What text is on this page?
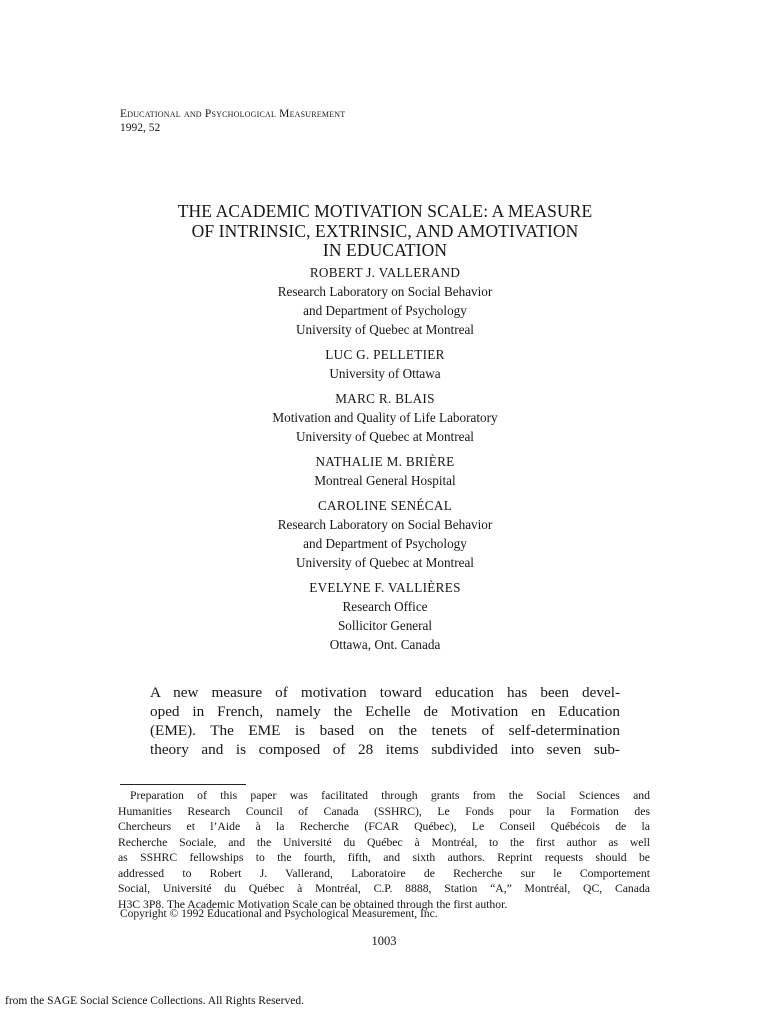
Educational and Psychological Measurement
1992, 52
THE ACADEMIC MOTIVATION SCALE: A MEASURE
OF INTRINSIC, EXTRINSIC, AND AMOTIVATION
IN EDUCATION
ROBERT J. VALLERAND
Research Laboratory on Social Behavior
and Department of Psychology
University of Quebec at Montreal
LUC G. PELLETIER
University of Ottawa
MARC R. BLAIS
Motivation and Quality of Life Laboratory
University of Quebec at Montreal
NATHALIE M. BRIÈRE
Montreal General Hospital
CAROLINE SENÉCAL
Research Laboratory on Social Behavior
and Department of Psychology
University of Quebec at Montreal
EVELYNE F. VALLIÈRES
Research Office
Sollicitor General
Ottawa, Ont. Canada
A new measure of motivation toward education has been devel-
oped in French, namely the Echelle de Motivation en Education
(EME). The EME is based on the tenets of self-determination
theory and is composed of 28 items subdivided into seven sub-
Preparation of this paper was facilitated through grants from the Social Sciences and
Humanities Research Council of Canada (SSHRC), Le Fonds pour la Formation des
Chercheurs et l’Aide à la Recherche (FCAR Québec), Le Conseil Québécois de la
Recherche Sociale, and the Université du Québec à Montréal, to the first author as well
as SSHRC fellowships to the fourth, fifth, and sixth authors. Reprint requests should be
addressed to Robert J. Vallerand, Laboratoire de Recherche sur le Comportement
Social, Université du Québec à Montréal, C.P. 8888, Station “A,” Montréal, QC, Canada
H3C 3P8. The Academic Motivation Scale can be obtained through the first author.
Copyright © 1992 Educational and Psychological Measurement, Inc.
1003
from the SAGE Social Science Collections. All Rights Reserved.
